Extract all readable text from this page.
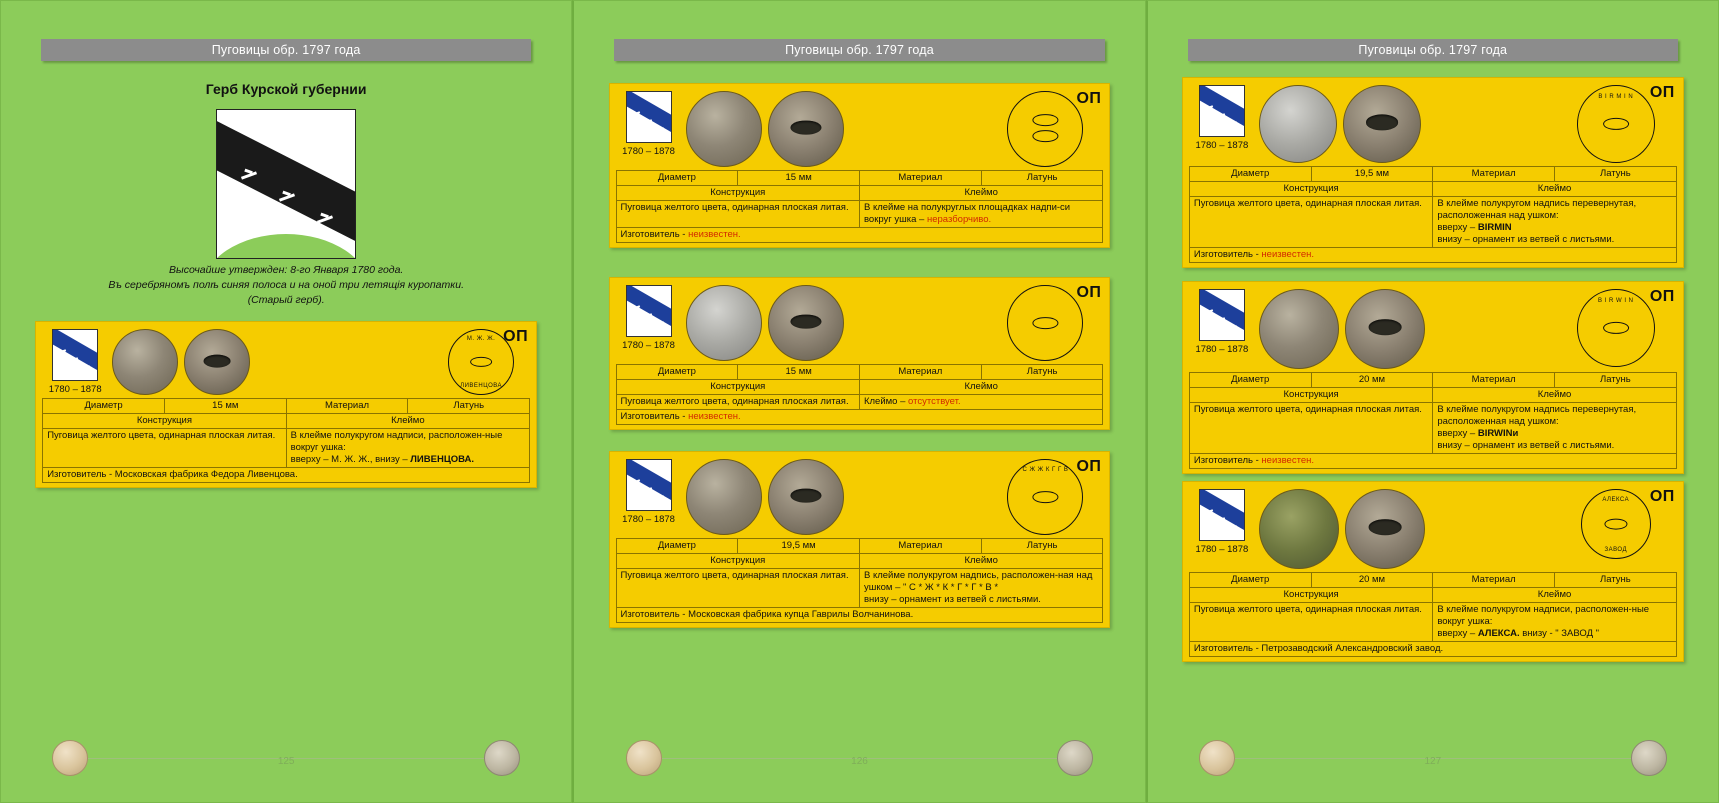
Пуговицы обр. 1797 года
Герб Курской губернии
Высочайше утвержден: 8-го Января 1780 года.
Въ серебряномъ полѣ синяя полоса и на оной три летящія куропатки.
(Старый герб).
ОП
1780 – 1878
М. Ж. Ж.
ЛИВЕНЦОВА
Диаметр	15 мм	Материал	Латунь
Конструкция		Клеймо	
Пуговица желтого цвета, одинарная плоская литая.		В клейме полукругом надписи, расположен-ные вокруг ушка:
вверху – М. Ж. Ж., внизу – ЛИВЕНЦОВА.	

Изготовитель - Московская фабрика Федора Ливенцова.			
125
Пуговицы обр. 1797 года
ОП
1780 – 1878
Диаметр	15 мм	Материал	Латунь
Конструкция		Клеймо	
Пуговица желтого цвета, одинарная плоская литая.		В клейме на полукруглых площадках надпи-си вокруг ушка – неразборчиво.	
Изготовитель - неизвестен.			
ОП
1780 – 1878
Диаметр	15 мм	Материал	Латунь
Конструкция		Клеймо	
Пуговица желтого цвета, одинарная плоская литая.		Клеймо – отсутствует.	
Изготовитель - неизвестен.			
ОП
1780 – 1878
С Ж Ж К Г Г В
Диаметр	19,5 мм	Материал	Латунь
Конструкция		Клеймо	
Пуговица желтого цвета, одинарная плоская литая.		В клейме полукругом надпись, расположен-ная над ушком – " С * Ж * К * Г * Г * В *
внизу – орнамент из ветвей с листьями.	

Изготовитель - Московская фабрика купца Гаврилы Волчанинова.			
126
Пуговицы обр. 1797 года
ОП
1780 – 1878
B I R M I N
Диаметр	19,5 мм	Материал	Латунь
Конструкция		Клеймо	
Пуговица желтого цвета, одинарная плоская литая.		В клейме полукругом надпись перевернутая, расположенная над ушком:
вверху – BIRMIN
внизу – орнамент из ветвей с листьями.	

Изготовитель - неизвестен.			
ОП
1780 – 1878
B I R W I N
Диаметр	20 мм	Материал	Латунь
Конструкция		Клеймо	
Пуговица желтого цвета, одинарная плоская литая.		В клейме полукругом надпись перевернутая, расположенная над ушком:
вверху – BIRWINи
внизу – орнамент из ветвей с листьями.	

Изготовитель - неизвестен.			
ОП
1780 – 1878
АЛЕКСА
ЗАВОД
Диаметр	20 мм	Материал	Латунь
Конструкция		Клеймо	
Пуговица желтого цвета, одинарная плоская литая.		В клейме полукругом надписи, расположен-ные вокруг ушка:
вверху – АЛЕКСА. внизу - " ЗАВОД "	

Изготовитель - Петрозаводский Александровский завод.			
127
